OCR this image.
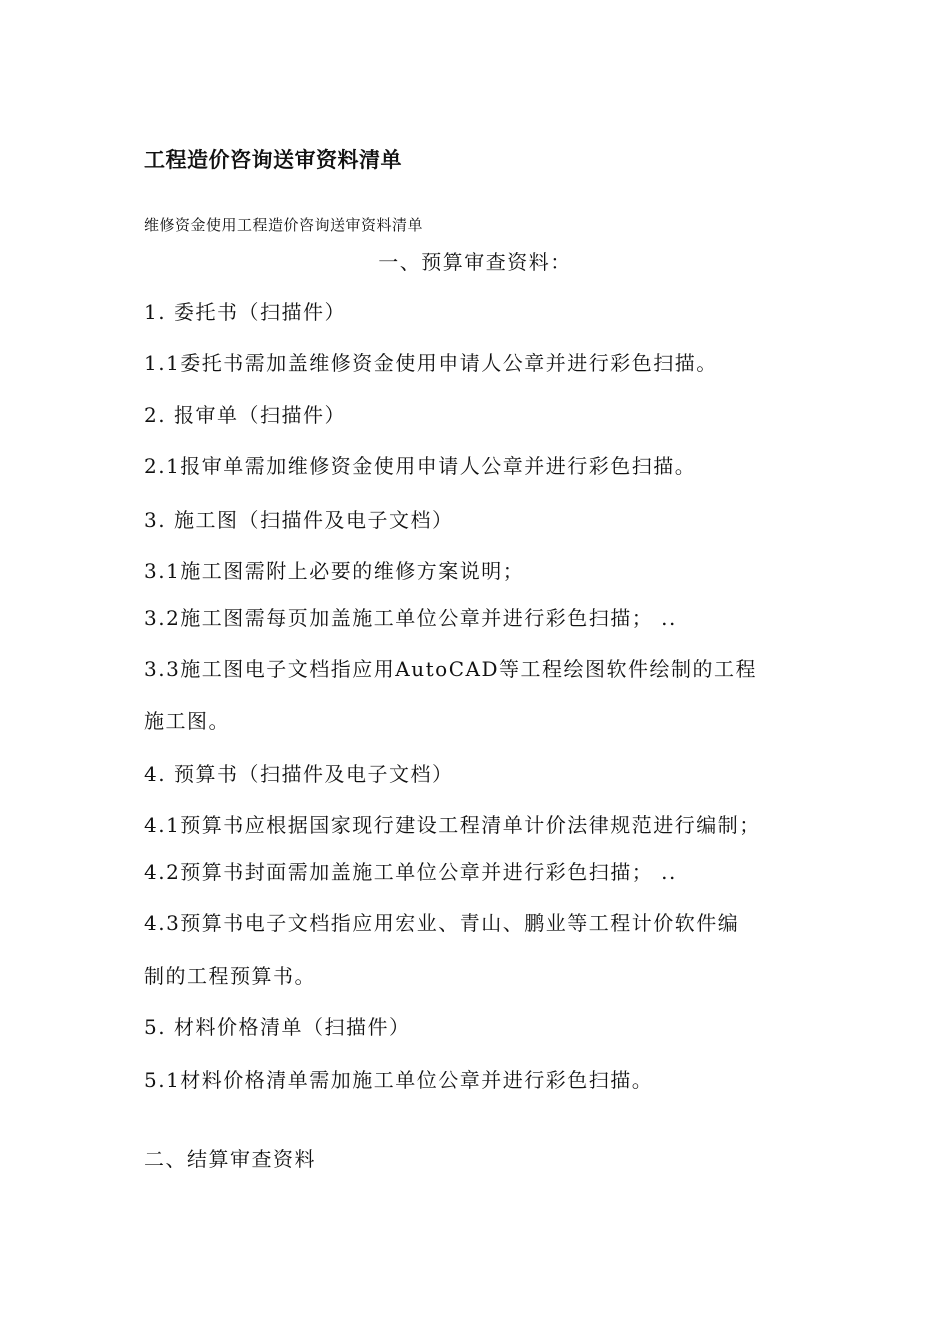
工程造价咨询送审资料清单
维修资金使用工程造价咨询送审资料清单
一、预算审查资料：
1. 委托书（扫描件）
1.1委托书需加盖维修资金使用申请人公章并进行彩色扫描。
2. 报审单（扫描件）
2.1报审单需加维修资金使用申请人公章并进行彩色扫描。
3. 施工图（扫描件及电子文档）
3.1施工图需附上必要的维修方案说明；
3.2施工图需每页加盖施工单位公章并进行彩色扫描； ..
3.3施工图电子文档指应用AutoCAD等工程绘图软件绘制的工程
施工图。
4. 预算书（扫描件及电子文档）
4.1预算书应根据国家现行建设工程清单计价法律规范进行编制；
4.2预算书封面需加盖施工单位公章并进行彩色扫描； ..
4.3预算书电子文档指应用宏业、青山、鹏业等工程计价软件编
制的工程预算书。
5. 材料价格清单（扫描件）
5.1材料价格清单需加施工单位公章并进行彩色扫描。
二、结算审查资料
